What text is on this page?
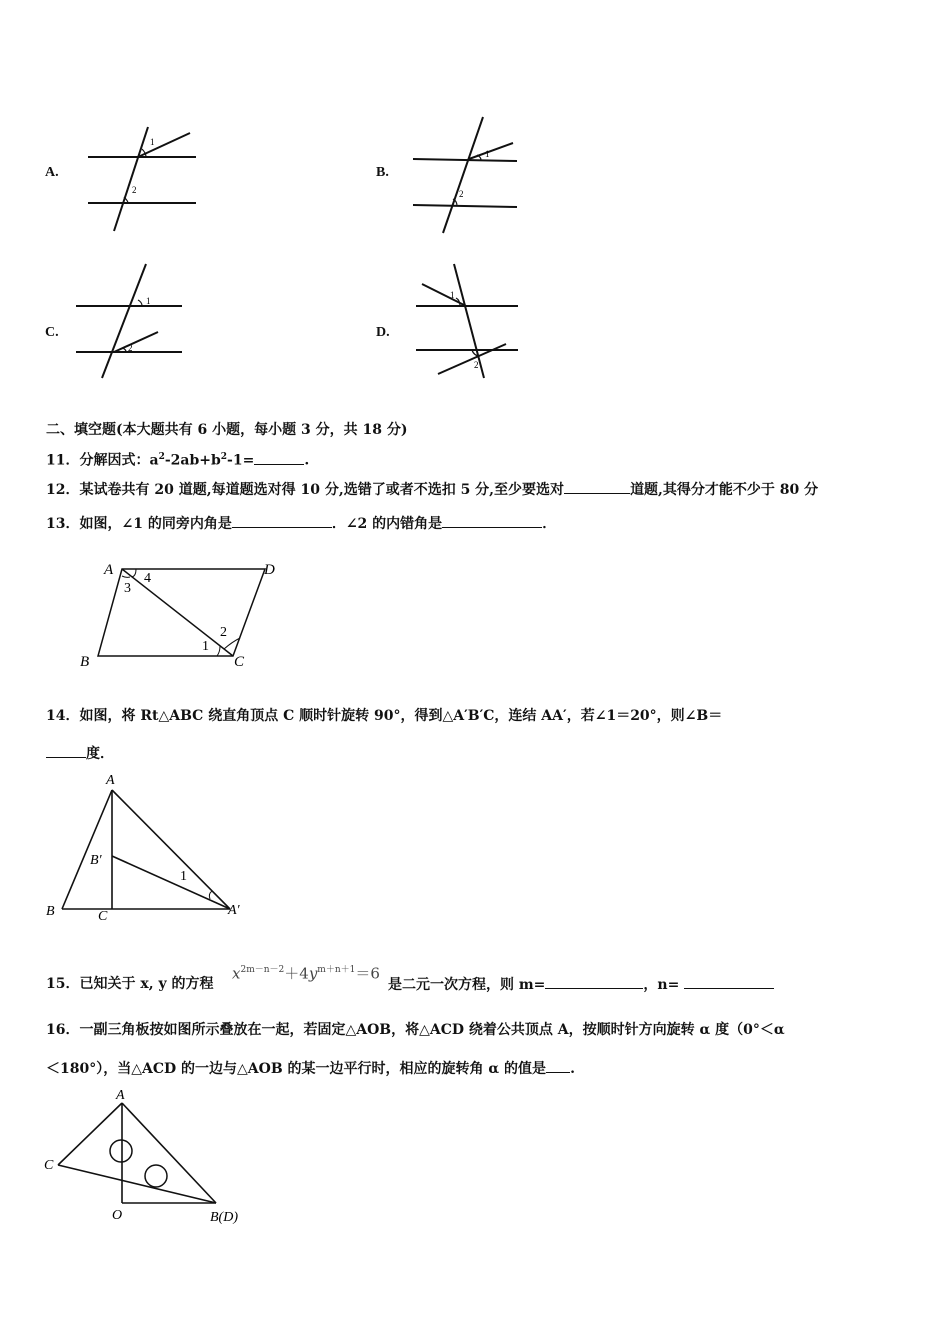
A.
1
2
B.
1
2
C.
1
2
D.
1
2
二、填空题(本大题共有 6 小题，每小题 3 分，共 18 分)
11．分解因式：$a^2-2ab+b^2-1=$	.
12．某试卷共有 20 道题,每道题选对得 10 分,选错了或者不选扣 5 分,至少要选对	道题,其得分才能不少于 80 分
13．如图，∠1 的同旁内角是	．∠2 的内错角是	．
A	D
B	C
3
4
1
2
14．如图，将 Rt△ABC 绕直角顶点 C 顺时针旋转 90°，得到△A′B′C，连结 AA′，若∠1＝20°，则∠B＝
度．
A
B	C
B′
A′
1
15．已知关于 x, y 的方程
$x^{2m-n-2}+4y^{m+n+1}=6$
是二元一次方程，则 m=	，n=
16．一副三角板按如图所示叠放在一起，若固定△AOB，将△ACD 绕着公共顶点 A，按顺时针方向旋转 α 度（0°＜α
＜180°），当△ACD 的一边与△AOB 的某一边平行时，相应的旋转角 α 的值是 .
A
C
O	B(D)
